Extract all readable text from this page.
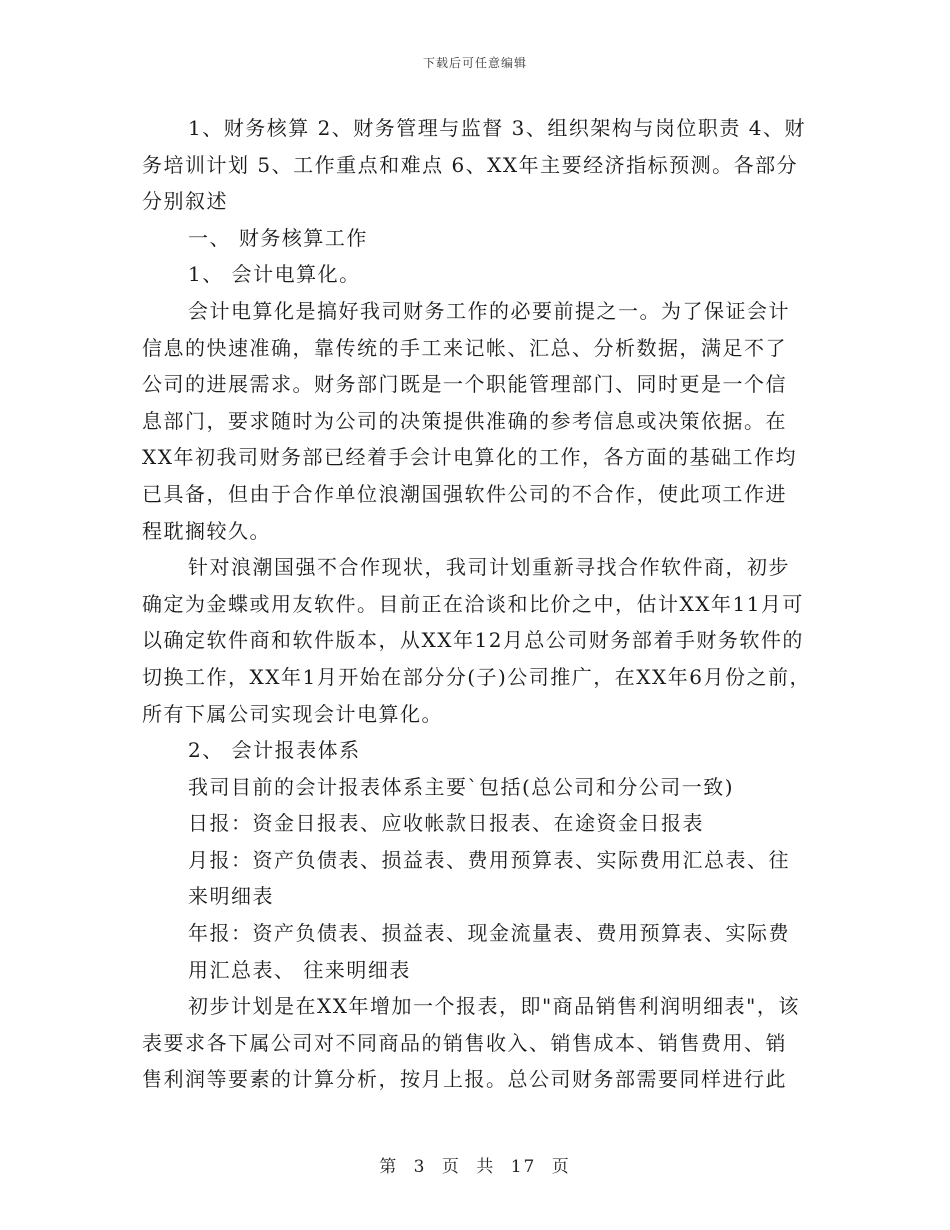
下载后可任意编辑

1、财务核算 2、财务管理与监督 3、组织架构与岗位职责 4、财

务培训计划 5、工作重点和难点 6、XX年主要经济指标预测。各部分

分别叙述

一、 财务核算工作

1、 会计电算化。

会计电算化是搞好我司财务工作的必要前提之一。为了保证会计

信息的快速准确，靠传统的手工来记帐、汇总、分析数据，满足不了

公司的进展需求。财务部门既是一个职能管理部门、同时更是一个信

息部门，要求随时为公司的决策提供准确的参考信息或决策依据。在

XX年初我司财务部已经着手会计电算化的工作，各方面的基础工作均

已具备，但由于合作单位浪潮国强软件公司的不合作，使此项工作进

程耽搁较久。

针对浪潮国强不合作现状，我司计划重新寻找合作软件商，初步

确定为金蝶或用友软件。目前正在洽谈和比价之中，估计XX年11月可

以确定软件商和软件版本，从XX年12月总公司财务部着手财务软件的

切换工作，XX年1月开始在部分分(子)公司推广，在XX年6月份之前，

所有下属公司实现会计电算化。

2、 会计报表体系

我司目前的会计报表体系主要`包括(总公司和分公司一致)

日报：资金日报表、应收帐款日报表、在途资金日报表

月报：资产负债表、损益表、费用预算表、实际费用汇总表、往

来明细表

年报：资产负债表、损益表、现金流量表、费用预算表、实际费

用汇总表、 往来明细表

初步计划是在XX年增加一个报表，即"商品销售利润明细表"，该

表要求各下属公司对不同商品的销售收入、销售成本、销售费用、销

售利润等要素的计算分析，按月上报。总公司财务部需要同样进行此

第 3 页 共 17 页
